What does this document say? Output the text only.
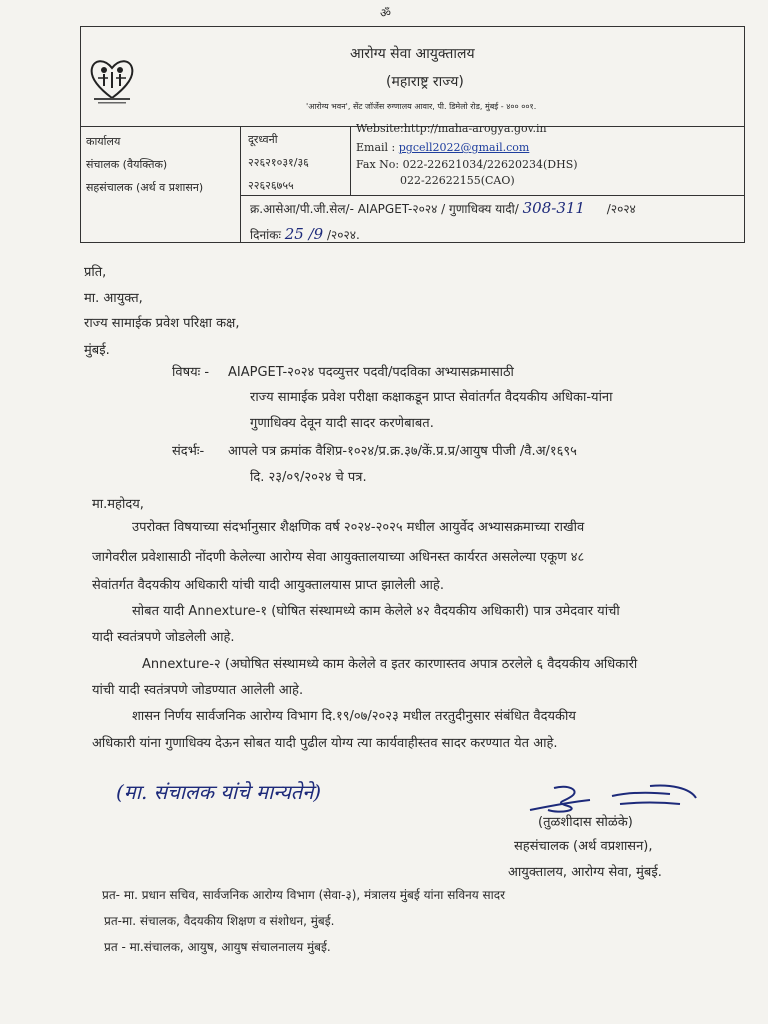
ॐ
आरोग्य सेवा आयुक्तालय
(महाराष्ट्र राज्य)
'आरोग्य भवन', सेंट जॉर्जेस रुग्णालय आवार, पी. डिमेलो रोड, मुंबई - ४०० ००१.
कार्यालय
संचालक (वैयक्तिक)
सहसंचालक (अर्थ व प्रशासन)
दूरध्वनी
२२६२१०३१/३६
२२६२६७५५
Website:http://maha-arogya.gov.in
Email : pgcell2022@gmail.com
Fax No: 022-22621034/22620234(DHS)
022-22622155(CAO)
क्र.आसेआ/पी.जी.सेल/- AIAPGET-२०२४ / गुणाधिक्य यादी/ 308-311 /२०२४
दिनांकः 25 /9 /२०२४.
प्रति,
मा. आयुक्त,
राज्य सामाईक प्रवेश परिक्षा कक्ष,
मुंबई.
विषयः - AIAPGET-२०२४ पदव्युत्तर पदवी/पदविका अभ्यासक्रमासाठी
राज्य सामाईक प्रवेश परीक्षा कक्षाकडून प्राप्त सेवांतर्गत वैदयकीय अधिका-यांना
गुणाधिक्य देवून यादी सादर करणेबाबत.
संदर्भः- आपले पत्र क्रमांक वैशिप्र-१०२४/प्र.क्र.३७/कें.प्र.प्र/आयुष पीजी /वै.अ/१६९५
दि. २३/०९/२०२४ चे पत्र.
मा.महोदय,
उपरोक्त विषयाच्या संदर्भानुसार शैक्षणिक वर्ष २०२४-२०२५ मधील आयुर्वेद अभ्यासक्रमाच्या राखीव
जागेवरील प्रवेशासाठी नोंदणी केलेल्या आरोग्य सेवा आयुक्तालयाच्या अधिनस्त कार्यरत असलेल्या एकूण ४८
सेवांतर्गत वैदयकीय अधिकारी यांची यादी आयुक्तालयास प्राप्त झालेली आहे.
सोबत यादी Annexture-१ (घोषित संस्थामध्ये काम केलेले ४२ वैदयकीय अधिकारी) पात्र उमेदवार यांची
यादी स्वतंत्रपणे जोडलेली आहे.
Annexture-२ (अघोषित संस्थामध्ये काम केलेले व इतर कारणास्तव अपात्र ठरलेले ६ वैदयकीय अधिकारी
यांची यादी स्वतंत्रपणे जोडण्यात आलेली आहे.
शासन निर्णय सार्वजनिक आरोग्य विभाग दि.१९/०७/२०२३ मधील तरतुदीनुसार संबंधित वैदयकीय
अधिकारी यांना गुणाधिक्य देऊन सोबत यादी पुढील योग्य त्या कार्यवाहीस्तव सादर करण्यात येत आहे.
(मा. संचालक यांचे मान्यतेने)
(तुळशीदास सोळंके)
सहसंचालक (अर्थ वप्रशासन),
आयुक्तालय, आरोग्य सेवा, मुंबई.
प्रत- मा. प्रधान सचिव, सार्वजनिक आरोग्य विभाग (सेवा-३), मंत्रालय मुंबई यांना सविनय सादर
प्रत-मा. संचालक, वैदयकीय शिक्षण व संशोधन, मुंबई.
प्रत - मा.संचालक, आयुष, आयुष संचालनालय मुंबई.
